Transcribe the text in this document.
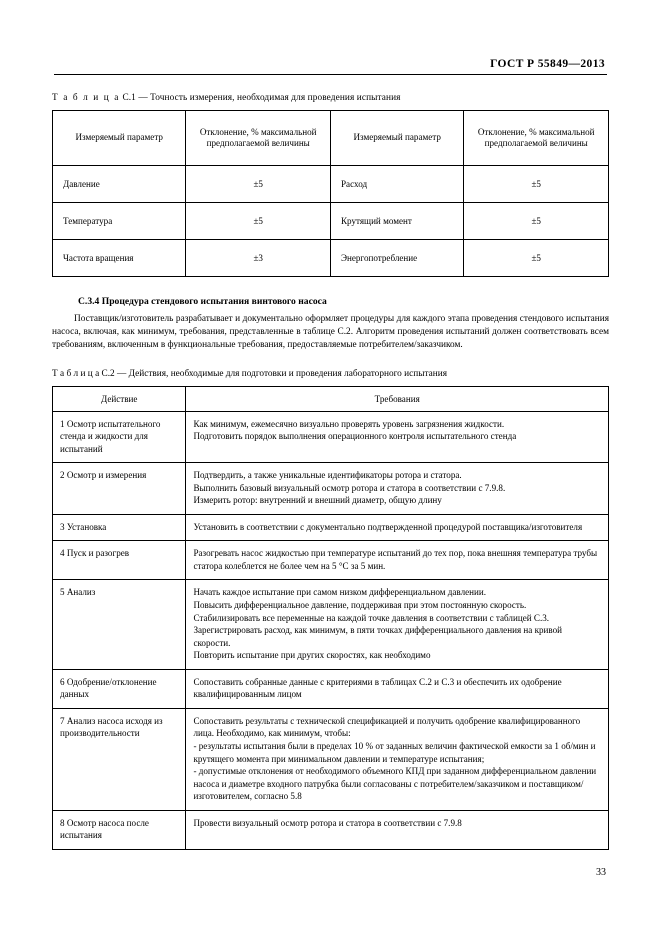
ГОСТ Р 55849—2013
Т а б л и ц а С.1 — Точность измерения, необходимая для проведения испытания
Измеряемый параметр	Отклонение, % максимальной предполагаемой величины	Измеряемый параметр	Отклонение, % максимальной предполагаемой величины
Давление	±5	Расход	±5
Температура	±5	Крутящий момент	±5
Частота вращения	±3	Энергопотребление	±5
С.3.4 Процедура стендового испытания винтового насоса
Поставщик/изготовитель разрабатывает и документально оформляет процедуры для каждого этапа проведения стендового испытания насоса, включая, как минимум, требования, представленные в таблице С.2. Алгоритм проведения испытаний должен соответствовать всем требованиям, включенным в функциональные требования, предоставляемые потребителем/заказчиком.
Т а б л и ц а С.2 — Действия, необходимые для подготовки и проведения лабораторного испытания
Действие	Требования
1 Осмотр испытательного стенда и жидкости для испытаний	Как минимум, ежемесячно визуально проверять уровень загрязнения жидкости.
Подготовить порядок выполнения операционного контроля испытательного стенда

2 Осмотр и измерения	Подтвердить, а также уникальные идентификаторы ротора и статора.
Выполнить базовый визуальный осмотр ротора и статора в соответствии с 7.9.8.
Измерить ротор: внутренний и внешний диаметр, общую длину

3 Установка	Установить в соответствии с документально подтвержденной процедурой поставщика/изготовителя

4 Пуск и разогрев	Разогревать насос жидкостью при температуре испытаний до тех пор, пока внешняя температура трубы статора колеблется не более чем на 5 °С за 5 мин.

5 Анализ	Начать каждое испытание при самом низком дифференциальном давлении.
Повысить дифференциальное давление, поддерживая при этом постоянную скорость.
Стабилизировать все переменные на каждой точке давления в соответствии с таблицей С.3.
Зарегистрировать расход, как минимум, в пяти точках дифференциального давления на кривой скорости.
Повторить испытание при других скоростях, как необходимо

6 Одобрение/отклонение данных	Сопоставить собранные данные с критериями в таблицах С.2 и С.3 и обеспечить их одобрение квалифицированным лицом

7 Анализ насоса исходя из производительности	Сопоставить результаты с технической спецификацией и получить одобрение квалифицированного лица. Необходимо, как минимум, чтобы:
- результаты испытания были в пределах 10 % от заданных величин фактической емкости за 1 об/мин и крутящего момента при минимальном давлении и температуре испытания;
- допустимые отклонения от необходимого объемного КПД при заданном дифференциальном давлении насоса и диаметре входного патрубка были согласованы с потребителем/заказчиком и поставщиком/изготовителем, согласно 5.8

8 Осмотр насоса после испытания	Провести визуальный осмотр ротора и статора в соответствии с 7.9.8
33
